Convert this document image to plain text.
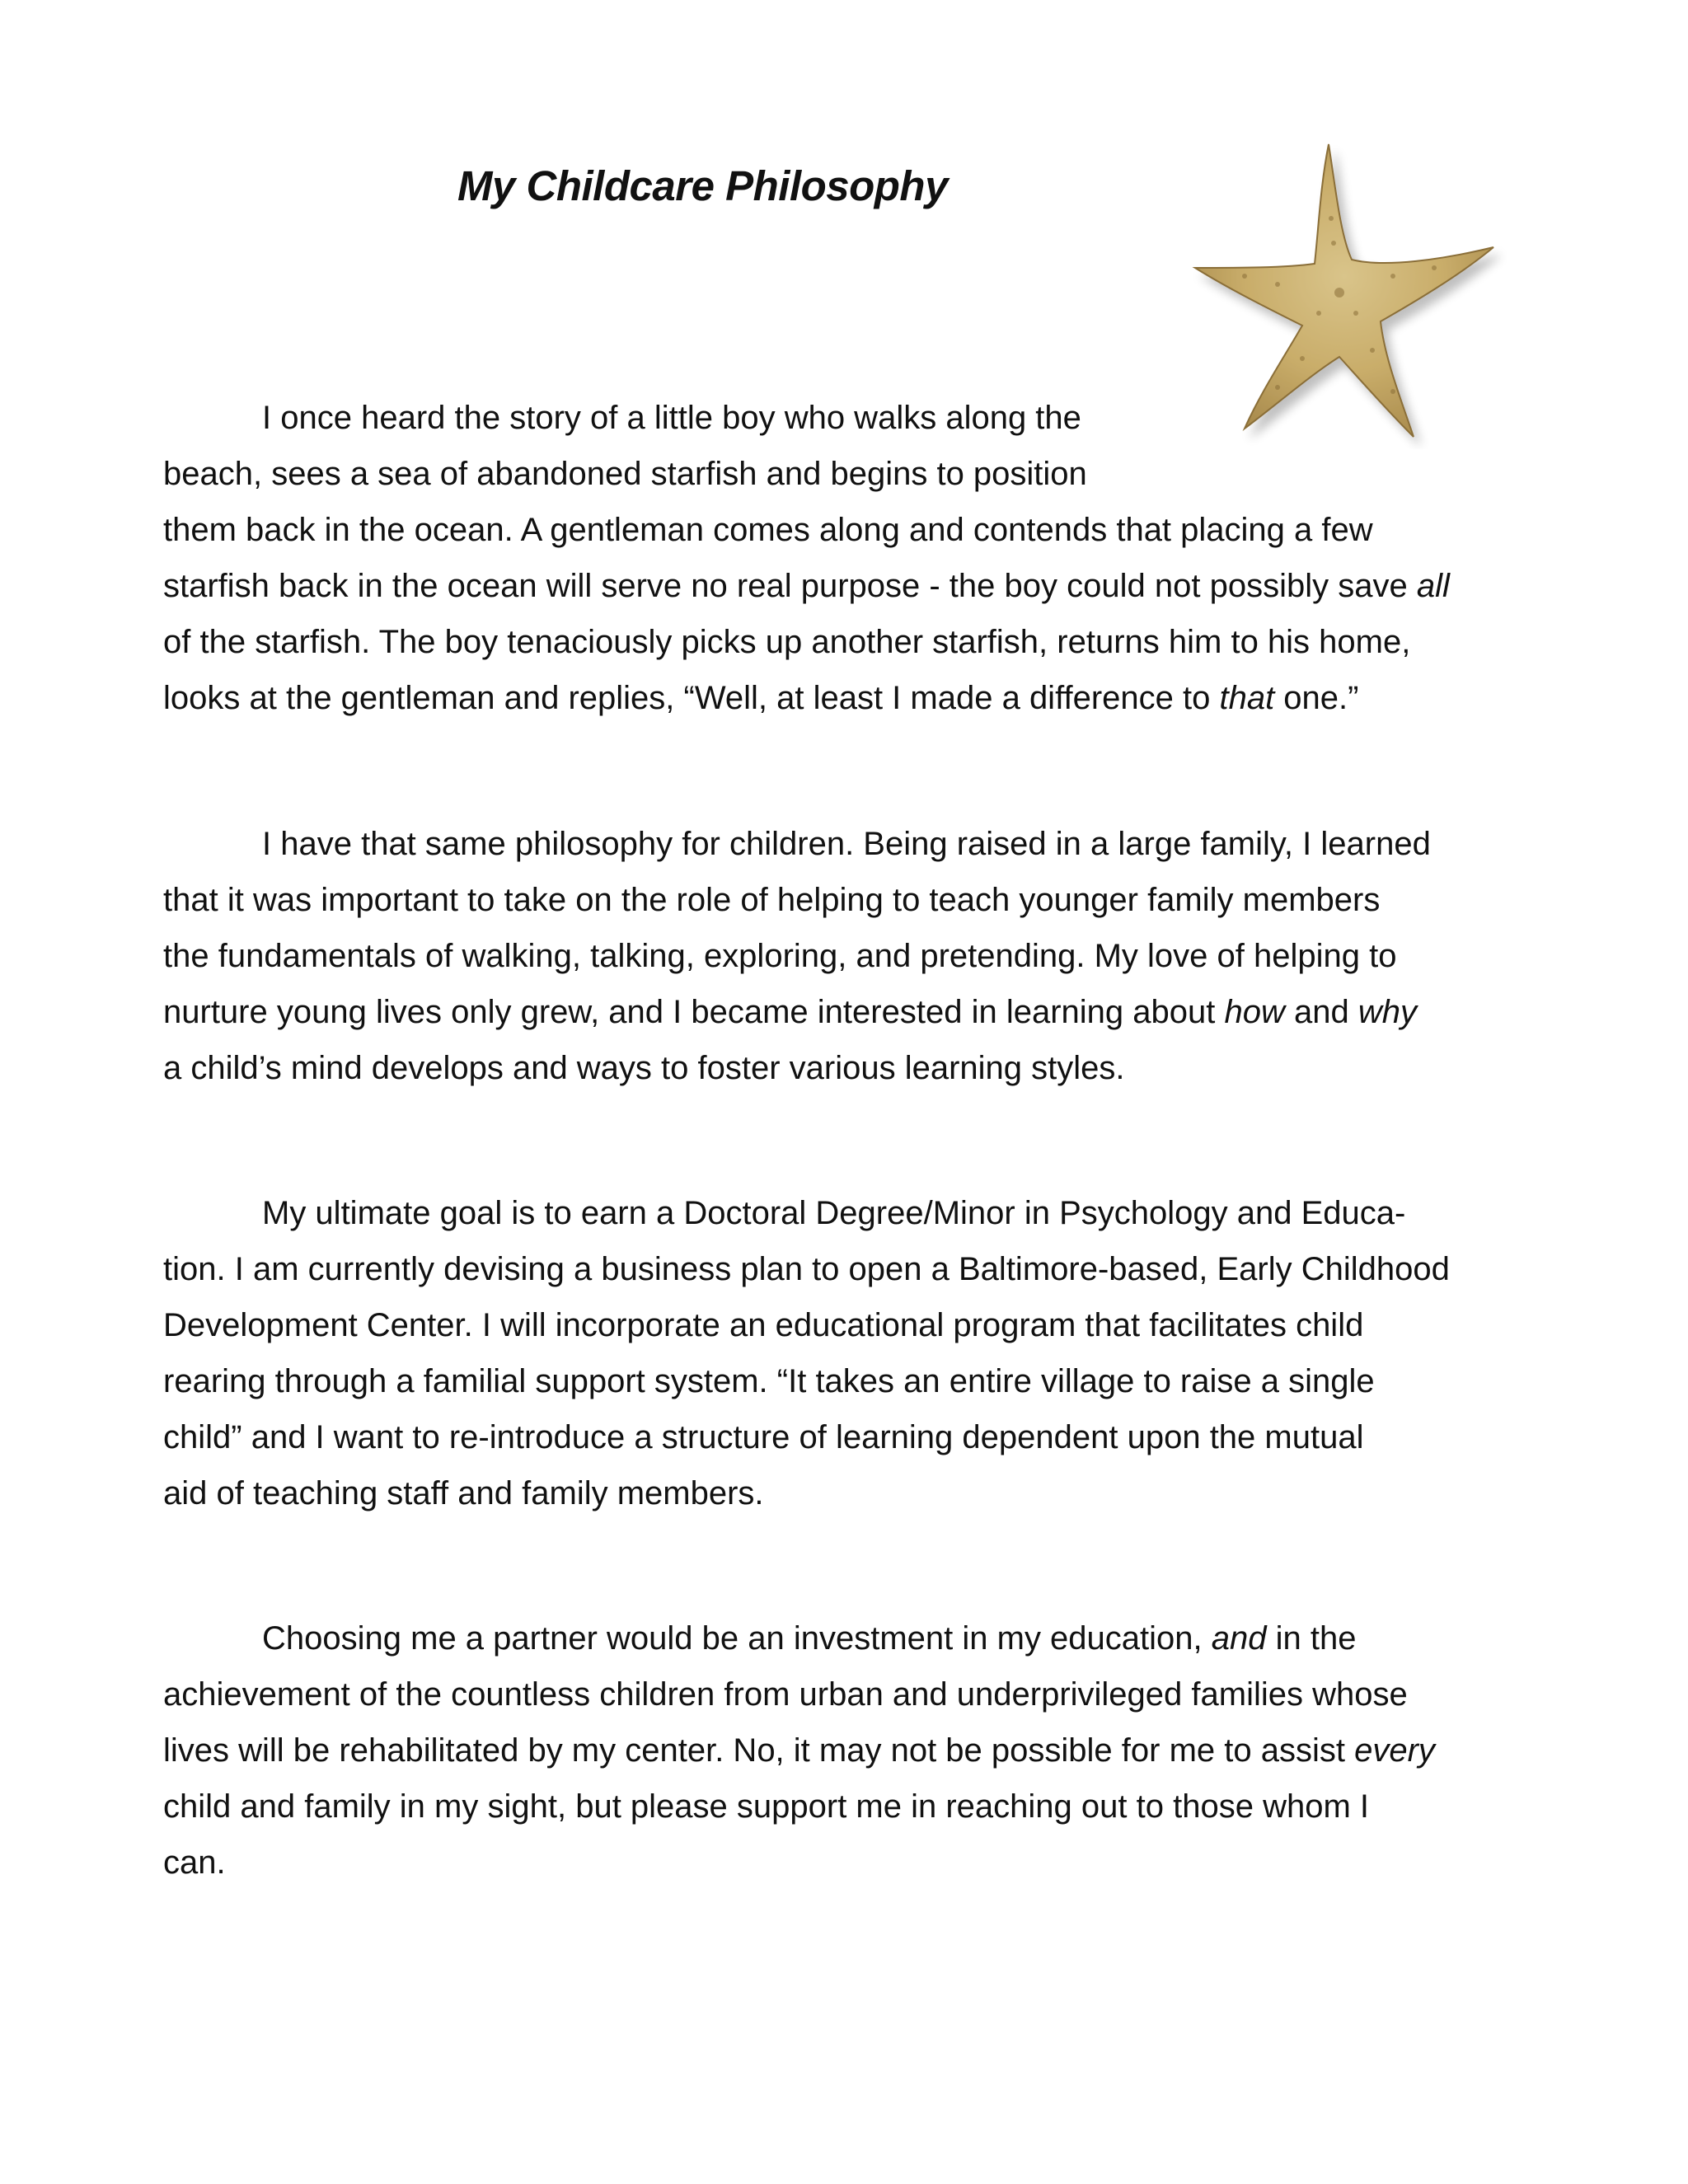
My Childcare Philosophy
I once heard the story of a little boy who walks along the
beach, sees a sea of abandoned starfish and begins to position
them back in the ocean. A gentleman comes along and contends that placing a few
starfish back in the ocean will serve no real purpose - the boy could not possibly save all
of the starfish. The boy tenaciously picks up another starfish, returns him to his home,
looks at the gentleman and replies, “Well, at least I made a difference to that one.”
I have that same philosophy for children. Being raised in a large family, I learned
that it was important to take on the role of helping to teach younger family members
the fundamentals of walking, talking, exploring, and pretending. My love of helping to
nurture young lives only grew, and I became interested in learning about how and why
a child’s mind develops and ways to foster various learning styles.
My ultimate goal is to earn a Doctoral Degree/Minor in Psychology and Educa-
tion. I am currently devising a business plan to open a Baltimore-based, Early Childhood
Development Center. I will incorporate an educational program that facilitates child
rearing through a familial support system. “It takes an entire village to raise a single
child” and I want to re-introduce a structure of learning dependent upon the mutual
aid of teaching staff and family members.
Choosing me a partner would be an investment in my education, and in the
achievement of the countless children from urban and underprivileged families whose
lives will be rehabilitated by my center. No, it may not be possible for me to assist every
child and family in my sight, but please support me in reaching out to those whom I
can.
